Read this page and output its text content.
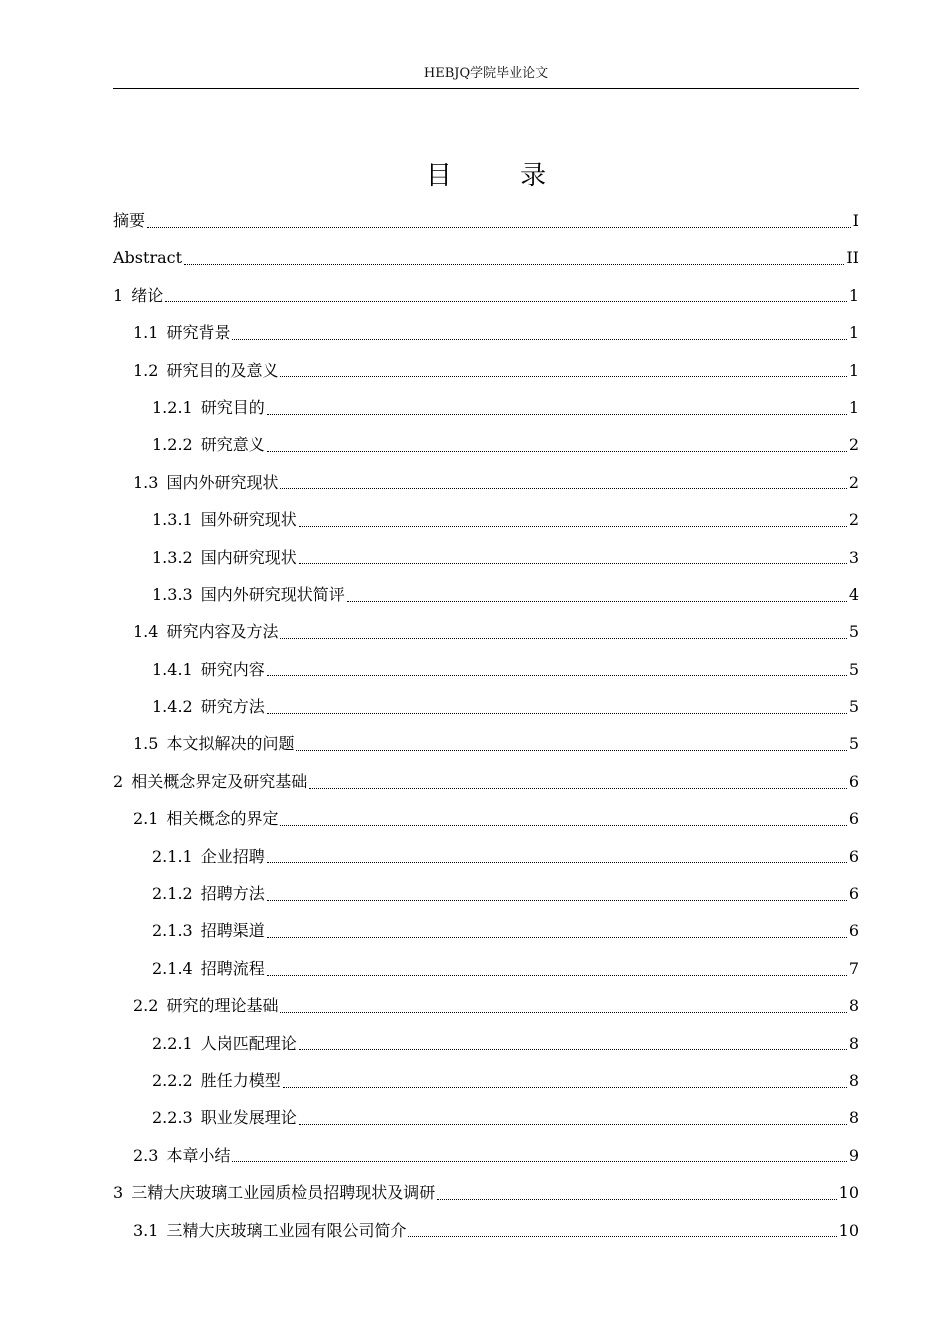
HEBJQ学院毕业论文
目 录
摘要	I
Abstract	II
1 绪论	1
1.1 研究背景	1
1.2 研究目的及意义	1
1.2.1 研究目的	1
1.2.2 研究意义	2
1.3 国内外研究现状	2
1.3.1 国外研究现状	2
1.3.2 国内研究现状	3
1.3.3 国内外研究现状简评	4
1.4 研究内容及方法	5
1.4.1 研究内容	5
1.4.2 研究方法	5
1.5 本文拟解决的问题	5
2 相关概念界定及研究基础	6
2.1 相关概念的界定	6
2.1.1 企业招聘	6
2.1.2 招聘方法	6
2.1.3 招聘渠道	6
2.1.4 招聘流程	7
2.2 研究的理论基础	8
2.2.1 人岗匹配理论	8
2.2.2 胜任力模型	8
2.2.3 职业发展理论	8
2.3 本章小结	9
3 三精大庆玻璃工业园质检员招聘现状及调研	10
3.1 三精大庆玻璃工业园有限公司简介	10
